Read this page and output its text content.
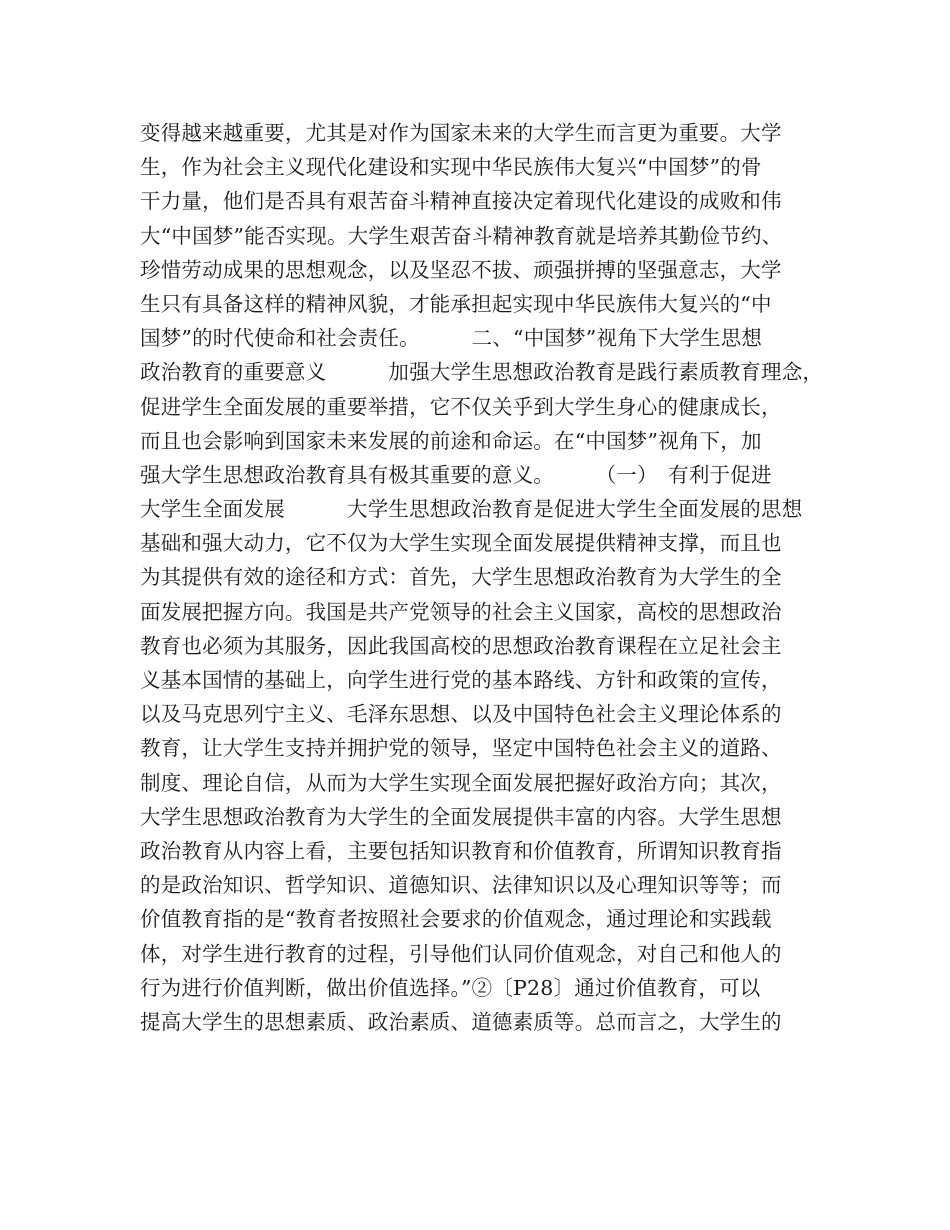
变得越来越重要，尤其是对作为国家未来的大学生而言更为重要。大学
生，作为社会主义现代化建设和实现中华民族伟大复兴“中国梦”的骨
干力量，他们是否具有艰苦奋斗精神直接决定着现代化建设的成败和伟
大“中国梦”能否实现。大学生艰苦奋斗精神教育就是培养其勤俭节约、
珍惜劳动成果的思想观念，以及坚忍不拔、顽强拼搏的坚强意志，大学
生只有具备这样的精神风貌，才能承担起实现中华民族伟大复兴的“中
国梦”的时代使命和社会责任。　　　二、“中国梦”视角下大学生思想
政治教育的重要意义　　　加强大学生思想政治教育是践行素质教育理念，
促进学生全面发展的重要举措，它不仅关乎到大学生身心的健康成长，
而且也会影响到国家未来发展的前途和命运。在“中国梦”视角下，加
强大学生思想政治教育具有极其重要的意义。　　　（一）　有利于促进
大学生全面发展　　　大学生思想政治教育是促进大学生全面发展的思想
基础和强大动力，它不仅为大学生实现全面发展提供精神支撑，而且也
为其提供有效的途径和方式：首先，大学生思想政治教育为大学生的全
面发展把握方向。我国是共产党领导的社会主义国家，高校的思想政治
教育也必须为其服务，因此我国高校的思想政治教育课程在立足社会主
义基本国情的基础上，向学生进行党的基本路线、方针和政策的宣传，
以及马克思列宁主义、毛泽东思想、以及中国特色社会主义理论体系的
教育，让大学生支持并拥护党的领导，坚定中国特色社会主义的道路、
制度、理论自信，从而为大学生实现全面发展把握好政治方向；其次，
大学生思想政治教育为大学生的全面发展提供丰富的内容。大学生思想
政治教育从内容上看，主要包括知识教育和价值教育，所谓知识教育指
的是政治知识、哲学知识、道德知识、法律知识以及心理知识等等；而
价值教育指的是“教育者按照社会要求的价值观念，通过理论和实践载
体，对学生进行教育的过程，引导他们认同价值观念，对自己和他人的
行为进行价值判断，做出价值选择。”②〔P28〕通过价值教育，可以
提高大学生的思想素质、政治素质、道德素质等。总而言之，大学生的
